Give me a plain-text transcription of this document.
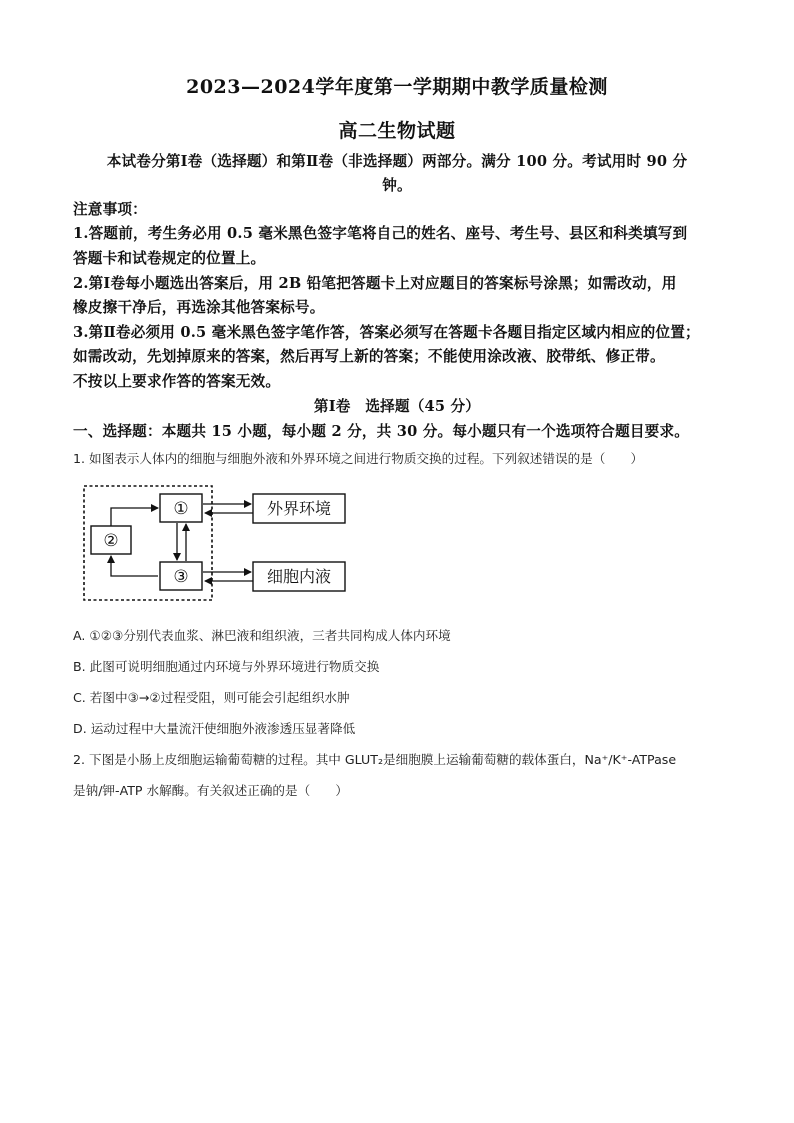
2023—2024学年度第一学期期中教学质量检测
高二生物试题
本试卷分第Ⅰ卷（选择题）和第Ⅱ卷（非选择题）两部分。满分 100 分。考试用时 90 分
钟。
注意事项：
1.答题前，考生务必用 0.5 毫米黑色签字笔将自己的姓名、座号、考生号、县区和科类填写到
答题卡和试卷规定的位置上。
2.第Ⅰ卷每小题选出答案后，用 2B 铅笔把答题卡上对应题目的答案标号涂黑；如需改动，用
橡皮擦干净后，再选涂其他答案标号。
3.第Ⅱ卷必须用 0.5 毫米黑色签字笔作答，答案必须写在答题卡各题目指定区域内相应的位置；
如需改动，先划掉原来的答案，然后再写上新的答案；不能使用涂改液、胶带纸、修正带。
不按以上要求作答的答案无效。
第Ⅰ卷　选择题（45 分）
一、选择题：本题共 15 小题，每小题 2 分，共 30 分。每小题只有一个选项符合题目要求。
1. 如图表示人体内的细胞与细胞外液和外界环境之间进行物质交换的过程。下列叙述错误的是（　　）
①
②
③
外界环境
细胞内液
A. ①②③分别代表血浆、淋巴液和组织液，三者共同构成人体内环境
B. 此图可说明细胞通过内环境与外界环境进行物质交换
C. 若图中③→②过程受阻，则可能会引起组织水肿
D. 运动过程中大量流汗使细胞外液渗透压显著降低
2. 下图是小肠上皮细胞运输葡萄糖的过程。其中 GLUT₂是细胞膜上运输葡萄糖的载体蛋白，Na⁺/K⁺-ATPase
是钠/钾-ATP 水解酶。有关叙述正确的是（　　）
